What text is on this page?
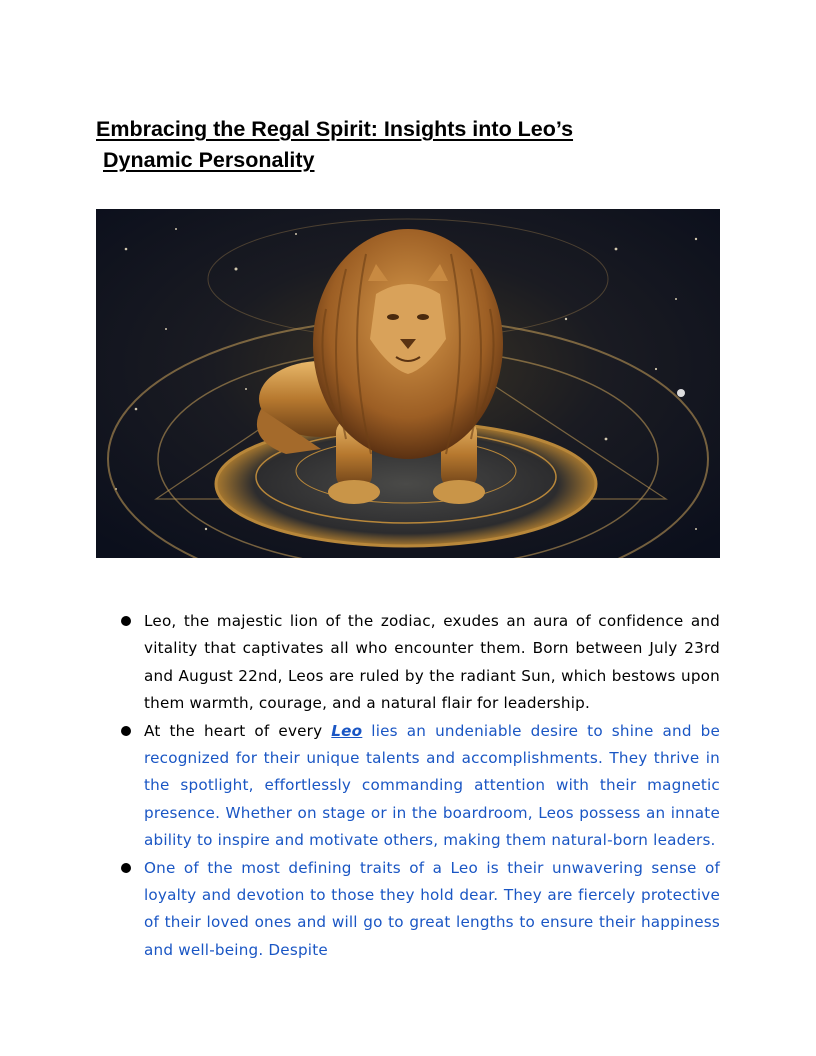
Embracing the Regal Spirit: Insights into Leo’s
Dynamic Personality
Leo, the majestic lion of the zodiac, exudes an aura of confidence and vitality that captivates all who encounter them. Born between July 23rd and August 22nd, Leos are ruled by the radiant Sun, which bestows upon them warmth, courage, and a natural flair for leadership.
At the heart of every Leo lies an undeniable desire to shine and be recognized for their unique talents and accomplishments. They thrive in the spotlight, effortlessly commanding attention with their magnetic presence. Whether on stage or in the boardroom, Leos possess an innate ability to inspire and motivate others, making them natural-born leaders.
One of the most defining traits of a Leo is their unwavering sense of loyalty and devotion to those they hold dear. They are fiercely protective of their loved ones and will go to great lengths to ensure their happiness and well-being. Despite
